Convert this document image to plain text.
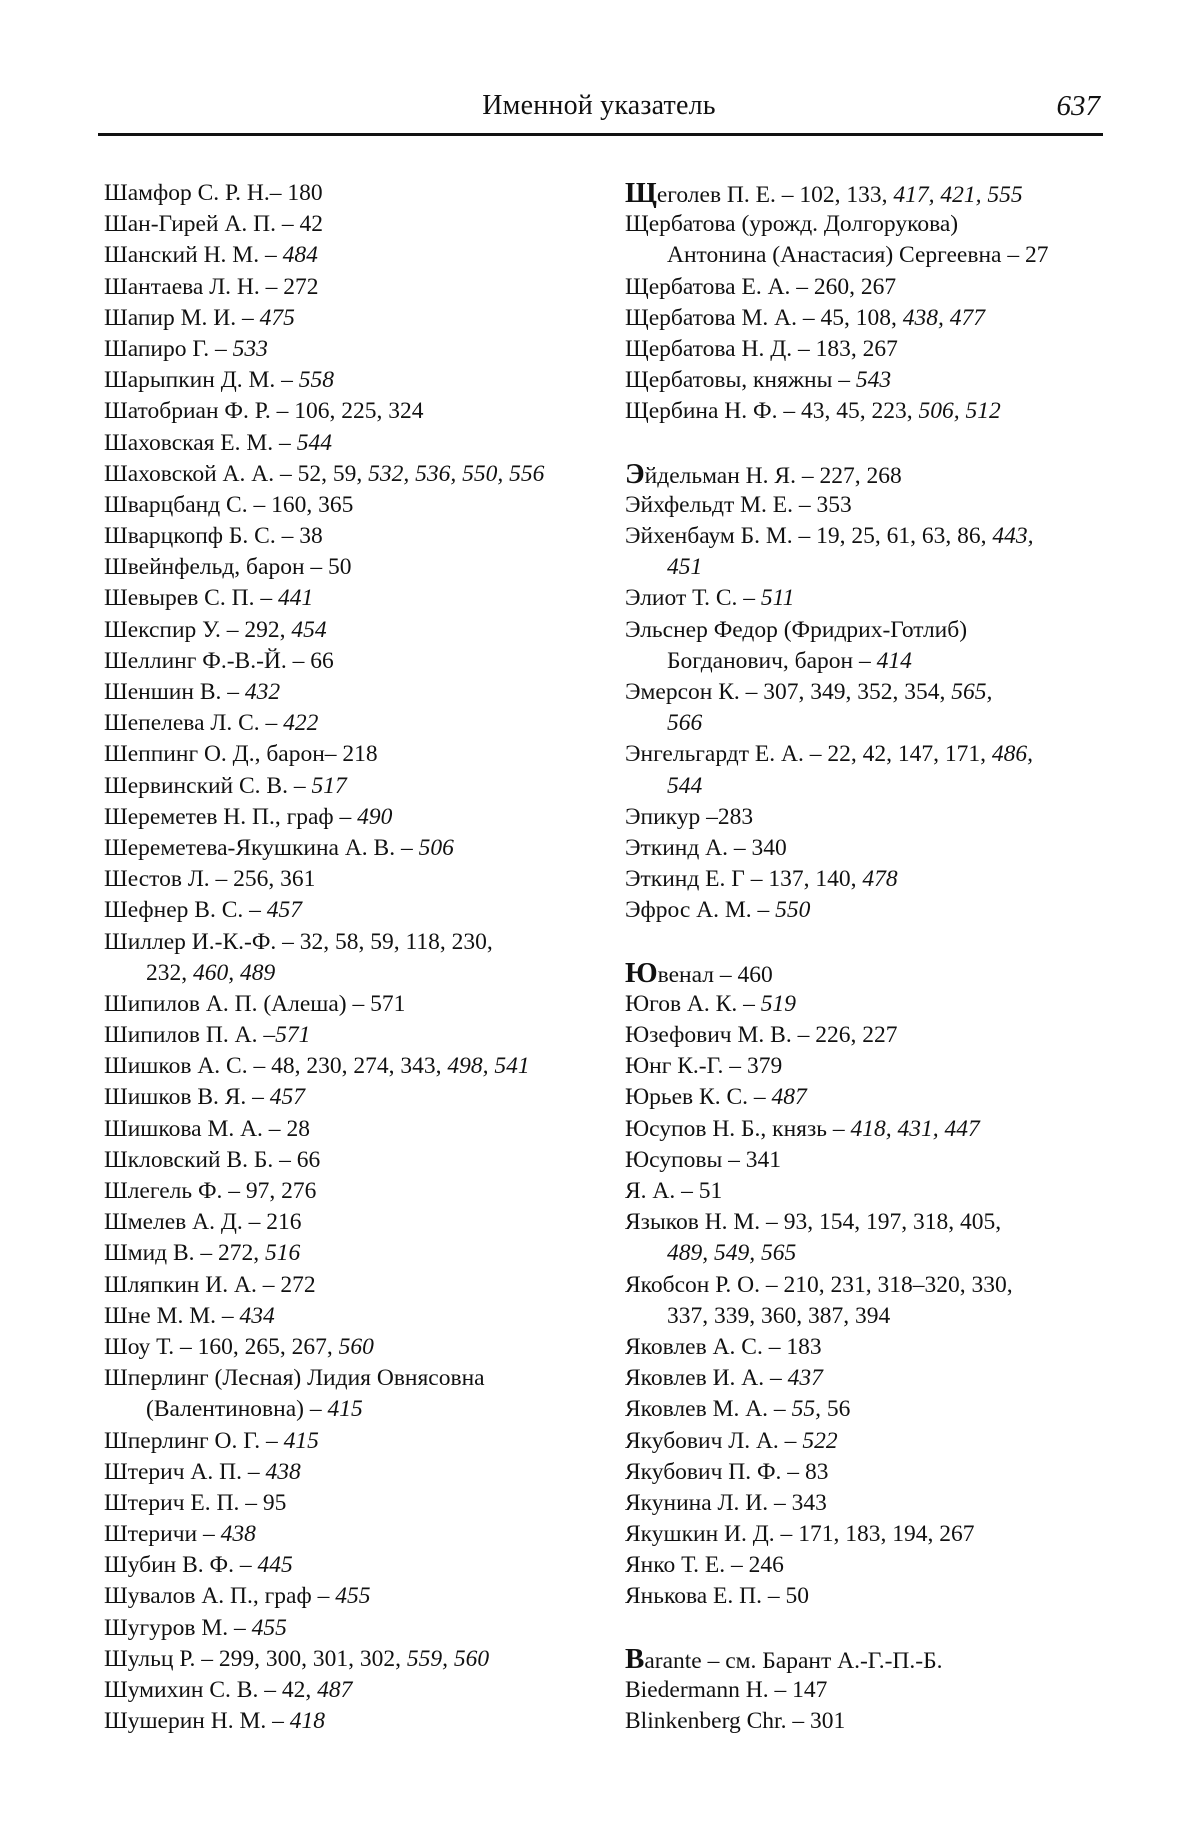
Именной указатель	637
Шамфор С. Р. Н.– 180
Шан-Гирей А. П. – 42
Шанский Н. М. – 484
Шантаева Л. Н. – 272
Шапир М. И. – 475
Шапиро Г. – 533
Шарыпкин Д. М. – 558
Шатобриан Ф. Р. – 106, 225, 324
Шаховская Е. М. – 544
Шаховской А. А. – 52, 59, 532, 536, 550, 556
Шварцбанд С. – 160, 365
Шварцкопф Б. С. – 38
Швейнфельд, барон – 50
Шевырев С. П. – 441
Шекспир У. – 292, 454
Шеллинг Ф.-В.-Й. – 66
Шеншин В. – 432
Шепелева Л. С. – 422
Шеппинг О. Д., барон– 218
Шервинский С. В. – 517
Шереметев Н. П., граф – 490
Шереметева-Якушкина А. В. – 506
Шестов Л. – 256, 361
Шефнер В. С. – 457
Шиллер И.-К.-Ф. – 32, 58, 59, 118, 230,
232, 460, 489
Шипилов А. П. (Алеша) – 571
Шипилов П. А. –571
Шишков А. С. – 48, 230, 274, 343, 498, 541
Шишков В. Я. – 457
Шишкова М. А. – 28
Шкловский В. Б. – 66
Шлегель Ф. – 97, 276
Шмелев А. Д. – 216
Шмид В. – 272, 516
Шляпкин И. А. – 272
Шне М. М. – 434
Шоу Т. – 160, 265, 267, 560
Шперлинг (Лесная) Лидия Овнясовна
(Валентиновна) – 415
Шперлинг О. Г. – 415
Штерич А. П. – 438
Штерич Е. П. – 95
Штеричи – 438
Шубин В. Ф. – 445
Шувалов А. П., граф – 455
Шугуров М. – 455
Шульц Р. – 299, 300, 301, 302, 559, 560
Шумихин С. В. – 42, 487
Шушерин Н. М. – 418
Щеголев П. Е. – 102, 133, 417, 421, 555
Щербатова (урожд. Долгорукова)
Антонина (Анастасия) Сергеевна – 27
Щербатова Е. А. – 260, 267
Щербатова М. А. – 45, 108, 438, 477
Щербатова Н. Д. – 183, 267
Щербатовы, княжны – 543
Щербина Н. Ф. – 43, 45, 223, 506, 512
Эйдельман Н. Я. – 227, 268
Эйхфельдт М. Е. – 353
Эйхенбаум Б. М. – 19, 25, 61, 63, 86, 443,
451
Элиот Т. С. – 511
Эльснер Федор (Фридрих-Готлиб)
Богданович, барон – 414
Эмерсон К. – 307, 349, 352, 354, 565,
566
Энгельгардт Е. А. – 22, 42, 147, 171, 486,
544
Эпикур –283
Эткинд А. – 340
Эткинд Е. Г – 137, 140, 478
Эфрос А. М. – 550
Ювенал – 460
Югов А. К. – 519
Юзефович М. В. – 226, 227
Юнг К.-Г. – 379
Юрьев К. С. – 487
Юсупов Н. Б., князь – 418, 431, 447
Юсуповы – 341
Я. А. – 51
Языков Н. М. – 93, 154, 197, 318, 405,
489, 549, 565
Якобсон Р. О. – 210, 231, 318–320, 330,
337, 339, 360, 387, 394
Яковлев А. С. – 183
Яковлев И. А. – 437
Яковлев М. А. – 55, 56
Якубович Л. А. – 522
Якубович П. Ф. – 83
Якунина Л. И. – 343
Якушкин И. Д. – 171, 183, 194, 267
Янко Т. Е. – 246
Янькова Е. П. – 50
Barante – см. Барант А.-Г.-П.-Б.
Biedermann H. – 147
Blinkenberg Chr. – 301
